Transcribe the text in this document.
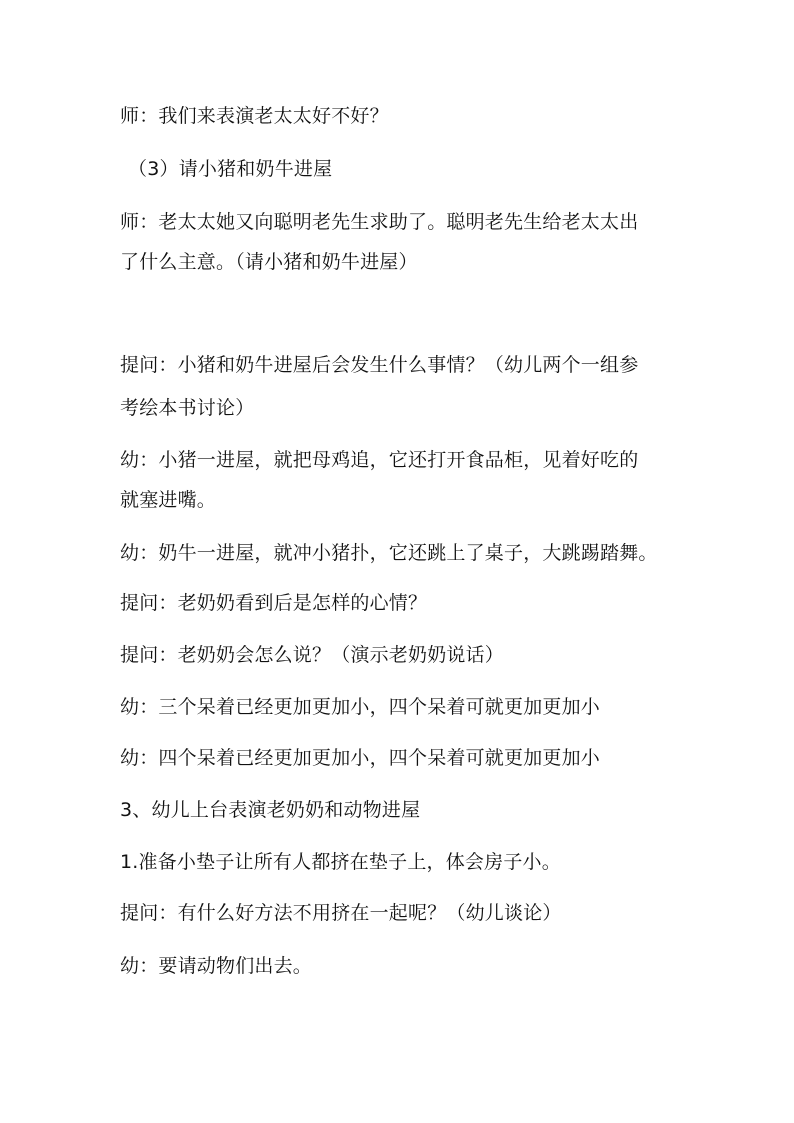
师：我们来表演老太太好不好？
（3）请小猪和奶牛进屋
师：老太太她又向聪明老先生求助了。聪明老先生给老太太出
了什么主意。（请小猪和奶牛进屋）
提问：小猪和奶牛进屋后会发生什么事情？（幼儿两个一组参
考绘本书讨论）
幼：小猪一进屋，就把母鸡追，它还打开食品柜，见着好吃的
就塞进嘴。
幼：奶牛一进屋，就冲小猪扑，它还跳上了桌子，大跳踢踏舞。
提问：老奶奶看到后是怎样的心情？
提问：老奶奶会怎么说？（演示老奶奶说话）
幼：三个呆着已经更加更加小，四个呆着可就更加更加小
幼：四个呆着已经更加更加小，四个呆着可就更加更加小
3、幼儿上台表演老奶奶和动物进屋
1.准备小垫子让所有人都挤在垫子上，体会房子小。
提问：有什么好方法不用挤在一起呢？（幼儿谈论）
幼：要请动物们出去。
